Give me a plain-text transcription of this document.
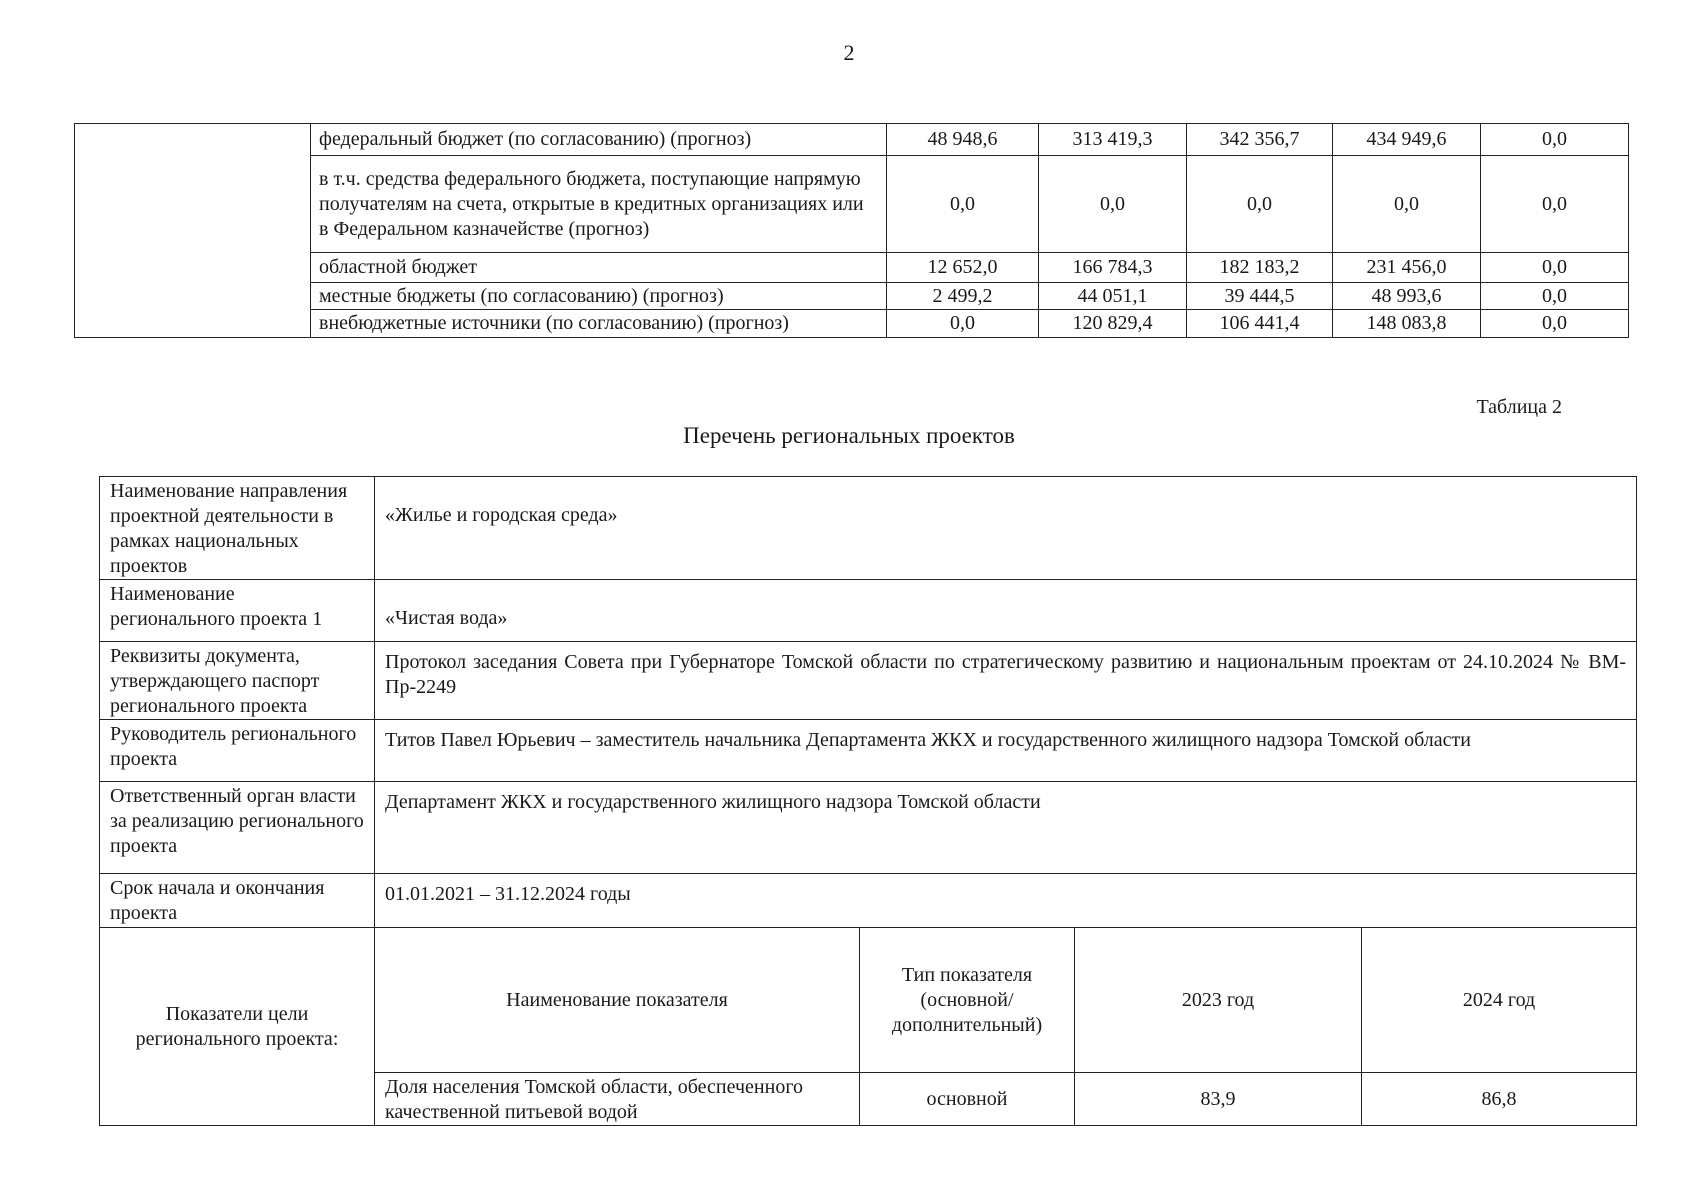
2
	федеральный бюджет (по согласованию) (прогноз)	48 948,6	313 419,3	342 356,7	434 949,6	0,0
	в т.ч. средства федерального бюджета, поступающие напрямую получателям на счета, открытые в кредитных организациях или в Федеральном казначействе (прогноз)	0,0	0,0	0,0	0,0	0,0
	областной бюджет	12 652,0	166 784,3	182 183,2	231 456,0	0,0
	местные бюджеты (по согласованию) (прогноз)	2 499,2	44 051,1	39 444,5	48 993,6	0,0
	внебюджетные источники (по согласованию) (прогноз)	0,0	120 829,4	106 441,4	148 083,8	0,0
Таблица 2
Перечень региональных проектов
Наименование направления проектной деятельности в рамках национальных проектов	«Жилье и городская среда»			
Наименование регионального проекта 1	«Чистая вода»			
Реквизиты документа, утверждающего паспорт регионального проекта	Протокол заседания Совета при Губернаторе Томской области по стратегическому развитию и национальным проектам от 24.10.2024 № ВМ-Пр-2249			
Руководитель регионального проекта	Титов Павел Юрьевич – заместитель начальника Департамента ЖКХ и государственного жилищного надзора Томской области			
Ответственный орган власти за реализацию регионального проекта	Департамент ЖКХ и государственного жилищного надзора Томской области			
Срок начала и окончания проекта	01.01.2021 – 31.12.2024 годы			
Показатели цели регионального проекта:	Наименование показателя	Тип показателя (основной/ дополнительный)	2023 год	2024 год
	Доля населения Томской области, обеспеченного качественной питьевой водой	основной	83,9	86,8
